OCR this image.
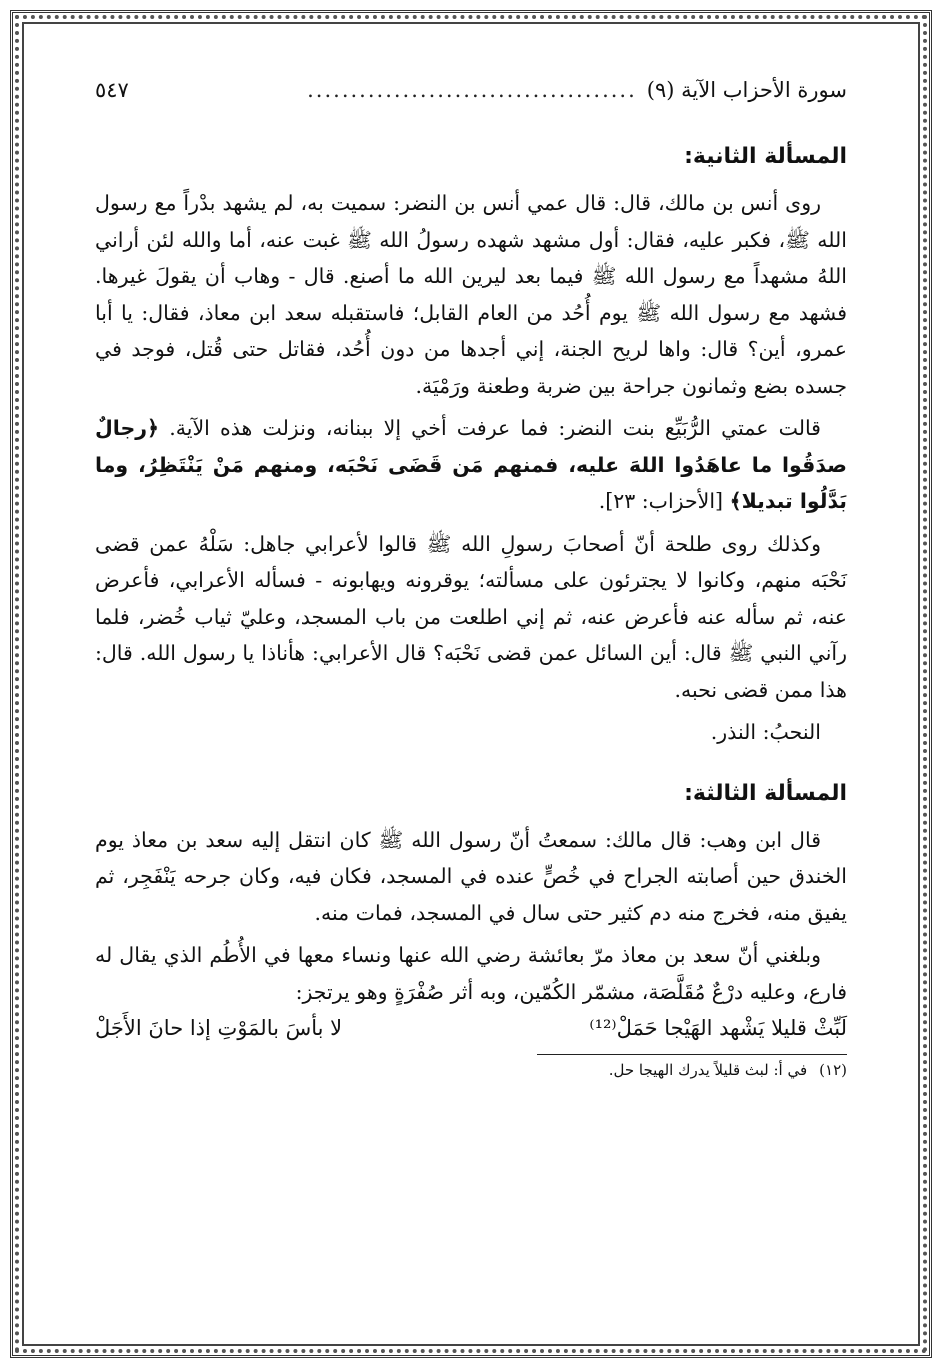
سورة الأحزاب الآية (٩)
......................................
٥٤٧
المسألة الثانية:

روى أنس بن مالك، قال: قال عمي أنس بن النضر: سميت به، لم يشهد بدْراً مع رسول الله ﷺ، فكبر عليه، فقال: أول مشهد شهده رسولُ الله ﷺ غبت عنه، أما والله لئن أراني اللهُ مشهداً مع رسول الله ﷺ فيما بعد ليرين الله ما أصنع. قال - وهاب أن يقولَ غيرها. فشهد مع رسول الله ﷺ يوم أُحُد من العام القابل؛ فاستقبله سعد ابن معاذ، فقال: يا أبا عمرو، أين؟ قال: واها لريح الجنة، إني أجدها من دون أُحُد، فقاتل حتى قُتل، فوجد في جسده بضع وثمانون جراحة بين ضربة وطعنة ورَمْيَة.

قالت عمتي الرُّبَيِّع بنت النضر: فما عرفت أخي إلا ببنانه، ونزلت هذه الآية. ﴿رجالٌ صدَقُوا ما عاهَدُوا اللهَ عليه، فمنهم مَن قَضَى نَحْبَه، ومنهم مَنْ يَنْتَظِرُ، وما بَدَّلُوا تبديلا﴾ [الأحزاب: ٢٣].

وكذلك روى طلحة أنّ أصحابَ رسولِ الله ﷺ قالوا لأعرابي جاهل: سَلْهُ عمن قضى نَحْبَه منهم، وكانوا لا يجترئون على مسألته؛ يوقرونه ويهابونه - فسأله الأعرابي، فأعرض عنه، ثم سأله عنه فأعرض عنه، ثم إني اطلعت من باب المسجد، وعليّ ثياب خُضر، فلما رآني النبي ﷺ قال: أين السائل عمن قضى نَحْبَه؟ قال الأعرابي: هأناذا يا رسول الله. قال: هذا ممن قضى نحبه.

النحبُ: النذر.

المسألة الثالثة:

قال ابن وهب: قال مالك: سمعتُ أنّ رسول الله ﷺ كان انتقل إليه سعد بن معاذ يوم الخندق حين أصابته الجراح في خُصٍّ عنده في المسجد، فكان فيه، وكان جرحه يَنْفَجِر، ثم يفيق منه، فخرج منه دم كثير حتى سال في المسجد، فمات منه.

وبلغني أنّ سعد بن معاذ مرّ بعائشة رضي الله عنها ونساء معها في الأُطُم الذي يقال له فارع، وعليه درْعٌ مُقَلَّصَة، مشمّر الكُمّين، وبه أثر صُفْرَةٍ وهو يرتجز:

لَبِّثْ قليلا يَشْهد الهَيْجا حَمَلْ⁽¹²⁾
لا بأسَ بالمَوْتِ إذا حانَ الأَجَلْ
(١٢)
في أ: لبث قليلاً يدرك الهيجا حل.
